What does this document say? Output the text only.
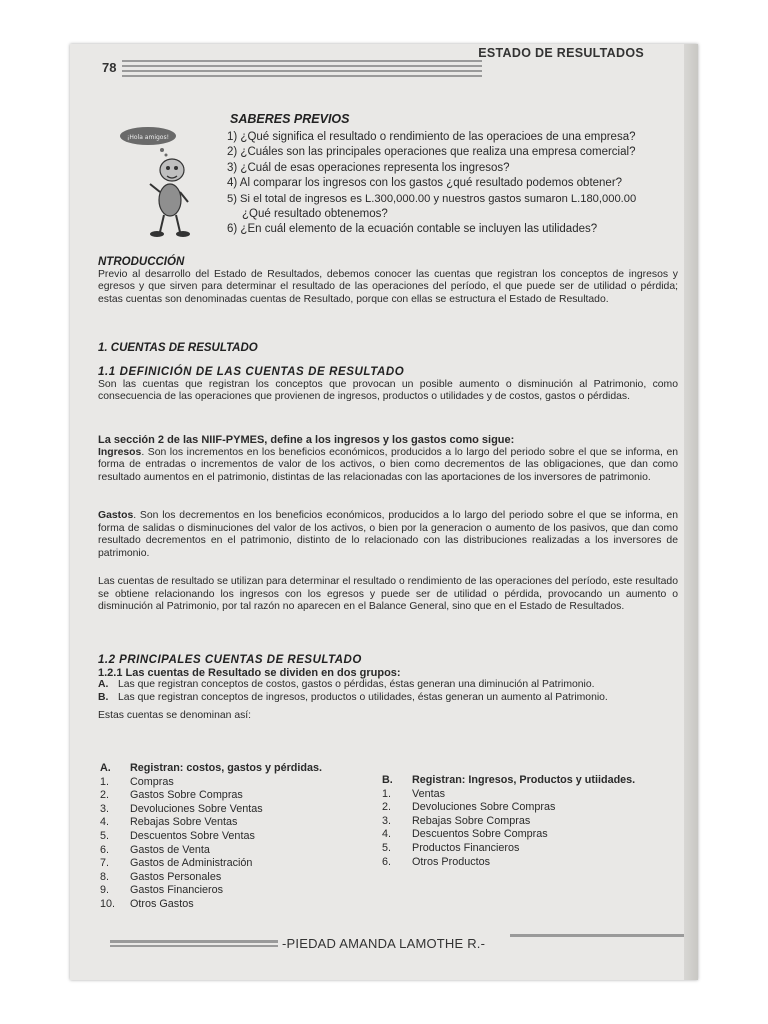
78
ESTADO DE RESULTADOS
¡Hola amigos!
SABERES PREVIOS
1) ¿Qué significa el resultado o rendimiento de las operacioes de una empresa?
2) ¿Cuáles son las principales operaciones que realiza una empresa comercial?
3) ¿Cuál de esas operaciones representa los ingresos?
4) Al comparar los ingresos con los gastos ¿qué resultado podemos obtener?
5) Si el total de ingresos es L.300,000.00 y nuestros gastos sumaron L.180,000.00
¿Qué resultado obtenemos?
6) ¿En cuál elemento de la ecuación contable se incluyen las utilidades?
NTRODUCCIÓN

Previo al desarrollo del Estado de Resultados, debemos conocer las cuentas que registran los conceptos de ingresos y egresos y que sirven para determinar el resultado de las operaciones del período, el que puede ser de utilidad o pérdida; estas cuentas son denominadas cuentas de Resultado, porque con ellas se estructura el Estado de Resultado.

1. CUENTAS DE RESULTADO
1.1 DEFINICIÓN DE LAS CUENTAS DE RESULTADO

Son las cuentas que registran los conceptos que provocan un posible aumento o disminución al Patrimonio, como consecuencia de las operaciones que provienen de ingresos, productos o utilidades y de costos, gastos o pérdidas.

La sección 2 de las NIIF-PYMES, define a los ingresos y los gastos como sigue:

Ingresos. Son los incrementos en los beneficios económicos, producidos a lo largo del periodo sobre el que se informa, en forma de entradas o incrementos de valor de los activos, o bien como decrementos de las obligaciones, que dan como resultado aumentos en el patrimonio, distintas de las relacionadas con las aportaciones de los inversores de patrimonio.

Gastos. Son los decrementos en los beneficios económicos, producidos a lo largo del periodo sobre el que se informa, en forma de salidas o disminuciones del valor de los activos, o bien por la generacion o aumento de los pasivos, que dan como resultado decrementos en el patrimonio, distinto de lo relacionado con las distribuciones realizadas a los inversores de patrimonio.

Las cuentas de resultado se utilizan para determinar el resultado o rendimiento de las operaciones del período, este resultado se obtiene relacionando los ingresos con los egresos y puede ser de utilidad o pérdida, provocando un aumento o disminución al Patrimonio, por tal razón no aparecen en el Balance General, sino que en el Estado de Resultados.

1.2 PRINCIPALES CUENTAS DE RESULTADO

1.2.1 Las cuentas de Resultado se dividen en dos grupos:

A. Las que registran conceptos de costos, gastos o pérdidas, éstas generan una diminución al Patrimonio.
B. Las que registran conceptos de ingresos, productos o utilidades, éstas generan un aumento al Patrimonio.

Estas cuentas se denominan así:

A.	Registran: costos, gastos y pérdidas.
1.	Compras
2.	Gastos Sobre Compras
3.	Devoluciones Sobre Ventas
4.	Rebajas Sobre Ventas
5.	Descuentos Sobre Ventas
6.	Gastos de Venta
7.	Gastos de Administración
8.	Gastos Personales
9.	Gastos Financieros
10.	Otros Gastos
B.	Registran: Ingresos, Productos y utiidades.
1.	Ventas
2.	Devoluciones Sobre Compras
3.	Rebajas Sobre Compras
4.	Descuentos Sobre Compras
5.	Productos Financieros
6.	Otros Productos
-PIEDAD AMANDA LAMOTHE R.-
